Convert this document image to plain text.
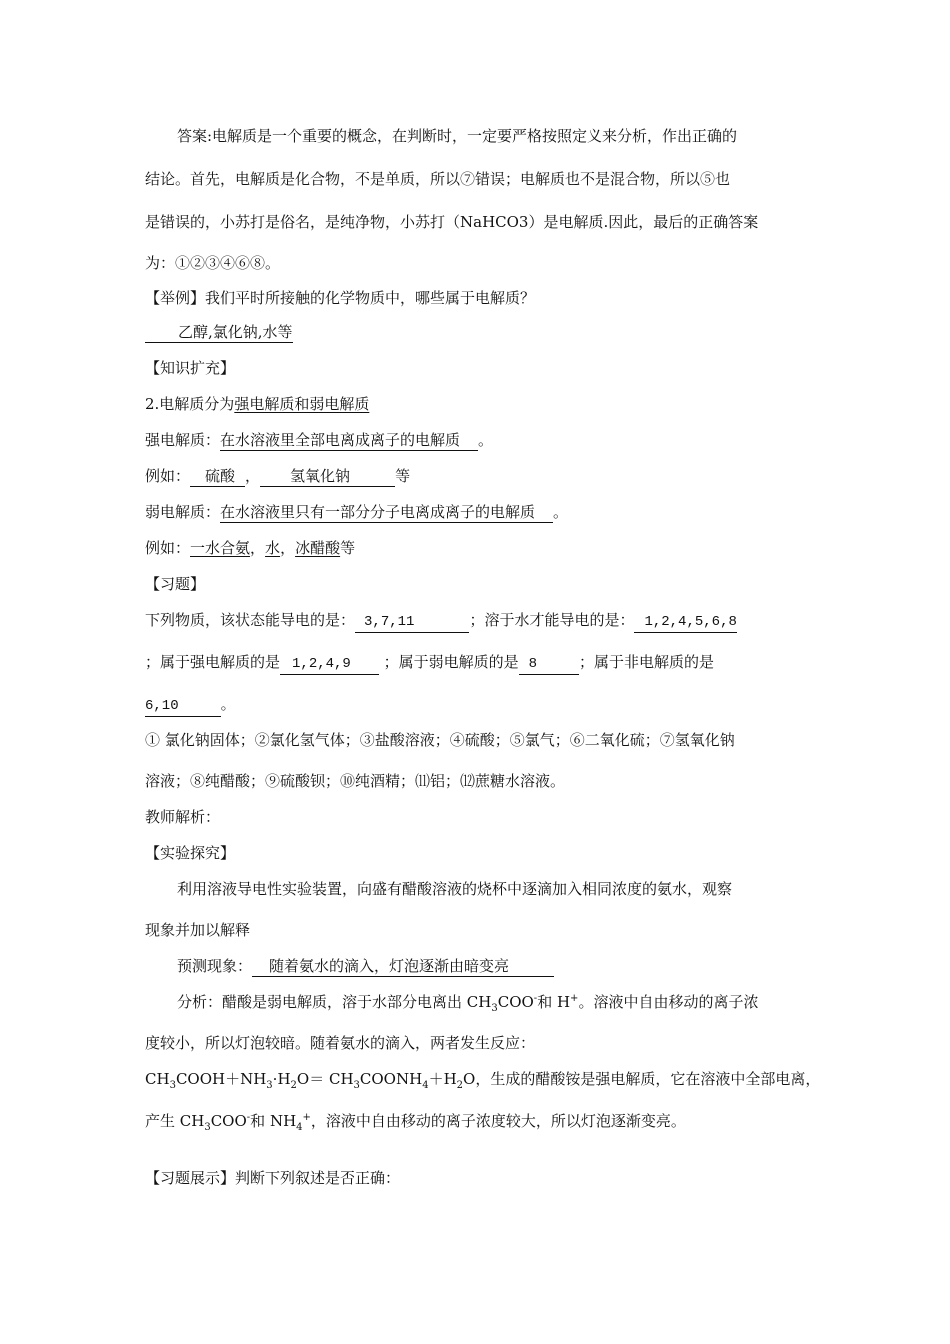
答案:电解质是一个重要的概念，在判断时，一定要严格按照定义来分析，作出正确的
结论。首先，电解质是化合物，不是单质，所以⑦错误；电解质也不是混合物，所以⑤也
是错误的，小苏打是俗名，是纯净物，小苏打（NaHCO3）是电解质.因此，最后的正确答案
为：①②③④⑥⑧。
【举例】我们平时所接触的化学物质中，哪些属于电解质？
乙醇,氯化钠,水等
【知识扩充】
2.电解质分为强电解质和弱电解质
强电解质：在水溶液里全部电离成离子的电解质 。
例如： 硫酸 ， 氢氧化钠	等
弱电解质：在水溶液里只有一部分分子电离成离子的电解质 。
例如：一水合氨，水，冰醋酸等
【习题】
下列物质，该状态能导电的是： 3,7,11	；溶于水才能导电的是： 1,2,4,5,6,8
；属于强电解质的是 1,2,4,9 ；属于弱电解质的是 8	；属于非电解质的是
6,10	。
① 氯化钠固体；②氯化氢气体；③盐酸溶液；④硫酸；⑤氯气；⑥二氧化硫；⑦氢氧化钠
溶液；⑧纯醋酸；⑨硫酸钡；⑩纯酒精；⑾铝；⑿蔗糖水溶液。
教师解析：
【实验探究】
利用溶液导电性实验装置，向盛有醋酸溶液的烧杯中逐滴加入相同浓度的氨水，观察
现象并加以解释
预测现象： 随着氨水的滴入，灯泡逐渐由暗变亮
分析：醋酸是弱电解质，溶于水部分电离出 $CH_3COO^-$和 H+。溶液中自由移动的离子浓
度较小，所以灯泡较暗。随着氨水的滴入，两者发生反应：
$CH_3COOH+NH_3\cdot H_2O=$ $CH_3COONH_4+H_2O$，生成的醋酸铵是强电解质，它在溶液中全部电离，
产生 $CH_3COO^-$和 $NH_4^+$，溶液中自由移动的离子浓度较大，所以灯泡逐渐变亮。
【习题展示】判断下列叙述是否正确：
